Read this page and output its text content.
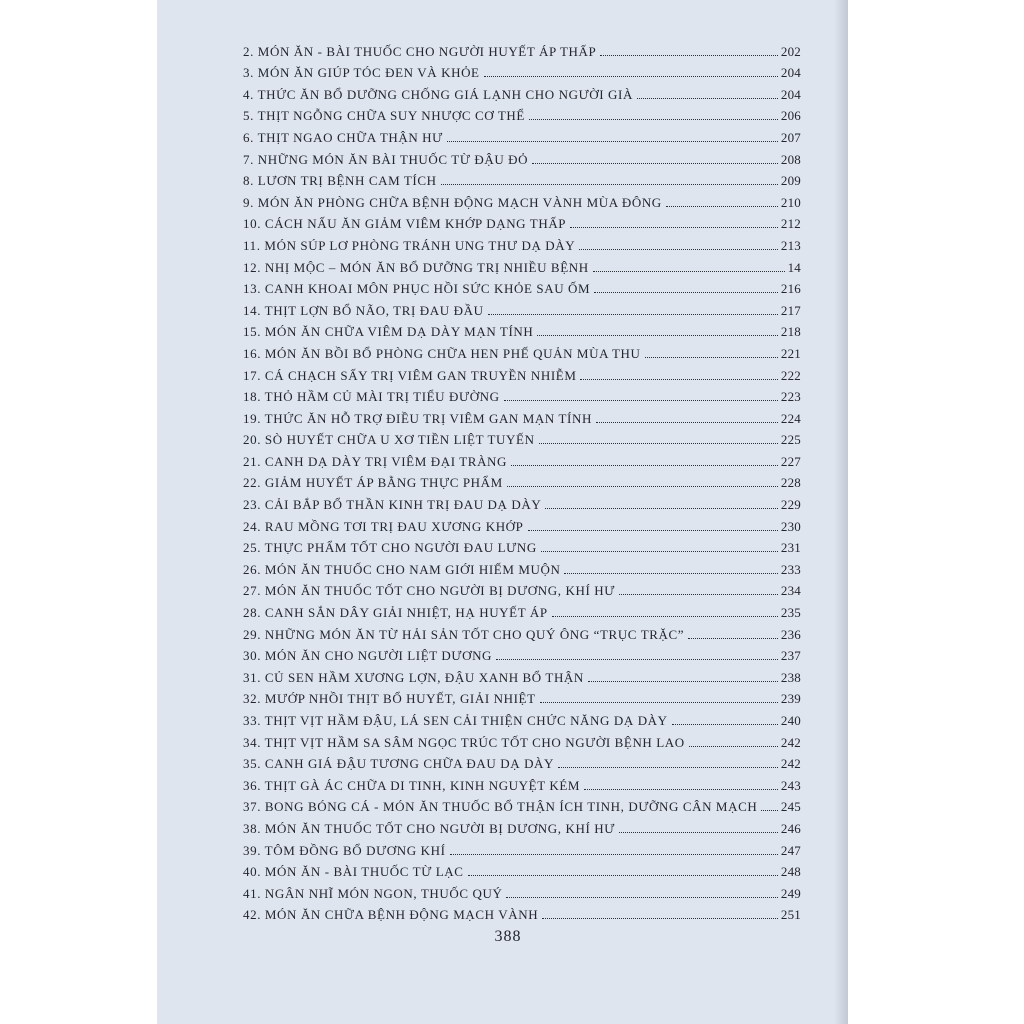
2. MÓN ĂN - BÀI THUỐC CHO NGƯỜI HUYẾT ÁP THẤP	202
3. MÓN ĂN GIÚP TÓC ĐEN VÀ KHỎE	204
4. THỨC ĂN BỔ DƯỠNG CHỐNG GIÁ LẠNH CHO NGƯỜI GIÀ	204
5. THỊT NGỖNG CHỮA SUY NHƯỢC CƠ THỂ	206
6. THỊT NGAO CHỮA THẬN HƯ	207
7. NHỮNG MÓN ĂN BÀI THUỐC TỪ ĐẬU ĐỎ	208
8. LƯƠN TRỊ BỆNH CAM TÍCH	209
9. MÓN ĂN PHÒNG CHỮA BỆNH ĐỘNG MẠCH VÀNH MÙA ĐÔNG	210
10. CÁCH NẤU ĂN GIẢM VIÊM KHỚP DẠNG THẤP	212
11. MÓN SÚP LƠ PHÒNG TRÁNH UNG THƯ DẠ DÀY	213
12. NHỊ MỘC – MÓN ĂN BỔ DƯỠNG TRỊ NHIỀU BỆNH	14
13. CANH KHOAI MÔN PHỤC HỒI SỨC KHỎE SAU ỐM	216
14. THỊT LỢN BỔ NÃO, TRỊ ĐAU ĐẦU	217
15. MÓN ĂN CHỮA VIÊM DẠ DÀY MẠN TÍNH	218
16. MÓN ĂN BỒI BỔ PHÒNG CHỮA HEN PHẾ QUẢN MÙA THU	221
17. CÁ CHẠCH SẤY TRỊ VIÊM GAN TRUYỀN NHIỄM	222
18. THỎ HẦM CỦ MÀI TRỊ TIỂU ĐƯỜNG	223
19. THỨC ĂN HỖ TRỢ ĐIỀU TRỊ VIÊM GAN MẠN TÍNH	224
20. SÒ HUYẾT CHỮA U XƠ TIỀN LIỆT TUYẾN	225
21. CANH DẠ DÀY TRỊ VIÊM ĐẠI TRÀNG	227
22. GIẢM HUYẾT ÁP BẰNG THỰC PHẨM	228
23. CẢI BẮP BỔ THẦN KINH TRỊ ĐAU DẠ DÀY	229
24. RAU MỒNG TƠI TRỊ ĐAU XƯƠNG KHỚP	230
25. THỰC PHẨM TỐT CHO NGƯỜI ĐAU LƯNG	231
26. MÓN ĂN THUỐC CHO NAM GIỚI HIẾM MUỘN	233
27. MÓN ĂN THUỐC TỐT CHO NGƯỜI BỊ DƯƠNG, KHÍ HƯ	234
28. CANH SẮN DÂY GIẢI NHIỆT, HẠ HUYẾT ÁP	235
29. NHỮNG MÓN ĂN TỪ HẢI SẢN TỐT CHO QUÝ ÔNG “TRỤC TRẶC”	236
30. MÓN ĂN CHO NGƯỜI LIỆT DƯƠNG	237
31. CỦ SEN HẦM XƯƠNG LỢN, ĐẬU XANH BỔ THẬN	238
32. MƯỚP NHỒI THỊT BỔ HUYẾT, GIẢI NHIỆT	239
33. THỊT VỊT HẦM ĐẬU, LÁ SEN CẢI THIỆN CHỨC NĂNG DẠ DÀY	240
34. THỊT VỊT HẦM SA SÂM NGỌC TRÚC TỐT CHO NGƯỜI BỆNH LAO	242
35. CANH GIÁ ĐẬU TƯƠNG CHỮA ĐAU DẠ DÀY	242
36. THỊT GÀ ÁC CHỮA DI TINH, KINH NGUYỆT KÉM	243
37. BONG BÓNG CÁ - MÓN ĂN THUỐC BỔ THẬN ÍCH TINH, DƯỠNG CÂN MẠCH 245
38. MÓN ĂN THUỐC TỐT CHO NGƯỜI BỊ DƯƠNG, KHÍ HƯ	246
39. TÔM ĐỒNG BỔ DƯƠNG KHÍ	247
40. MÓN ĂN - BÀI THUỐC TỪ LẠC	248
41. NGÂN NHĨ MÓN NGON, THUỐC QUÝ	249
42. MÓN ĂN CHỮA BỆNH ĐỘNG MẠCH VÀNH	251
388
